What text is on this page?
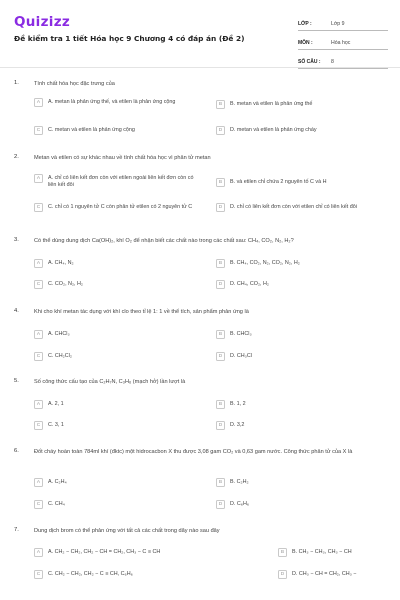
Quizizz
Đề kiểm tra 1 tiết Hóa học 9 Chương 4 có đáp án (Đề 2)
LỚP :	Lớp 9
MÔN :	Hóa học
SỐ CÂU :	8
1.	Tính chất hóa học đặc trưng của
A	A. metan là phản ứng thế, và etilen là phản ứng cộng	B	B. metan và etilen là phản ứng thế
C	C. metan và etilen là phản ứng cộng	D	D. metan và etilen là phản ứng cháy
2.	Metan và etilen có sự khác nhau về tính chất hóa học vì phân tử metan
A	A. chỉ có liên kết đơn còn với etilen ngoài liên kết đơn còn có liên kết đôi	B	B. và etilen chỉ chứa 2 nguyên tố C và H
C	C. chỉ có 1 nguyên tử C còn phân tử etilen có 2 nguyên tử C	D	D. chỉ có liên kết đơn còn với etilen chỉ có liên kết đôi
3.	Có thể dùng dung dịch Ca(OH)₂, khí O₂ để nhận biết các chất nào trong các chất sau: CH₄, CO₂, N₂, H₂?
A	A. CH₄, N₂	B	B. CH₄, CO₂, N₂, CO₂, N₂, H₂
C	C. CO₂, N₂, H₂	D	D. CH₄, CO₂, H₂
4.	Khi cho khí metan tác dụng với khí clo theo tỉ lệ 1: 1 về thể tích, sản phẩm phản ứng là
A	A. CHCl₃	B	B. CHCl₃
C	C. CH₂Cl₂	D	D. CH₃Cl
5.	Số công thức cấu tạo của C₂H₇N, C₃H₆ (mạch hở) lần lượt là
A	A. 2, 1	B	B. 1, 2
C	C. 3, 1	D	D. 3,2
6.	Đốt cháy hoàn toàn 784ml khí (đktc) một hidrocacbon X thu được 3,08 gam CO₂ và 0,63 gam nước. Công thức phân tử của X là
A	A. C₂H₄	B	B. C₂H₂
C	C. CH₄	D	D. C₆H₆
7.	Dung dịch brom có thể phản ứng với tất cả các chất trong dãy nào sau đây
A	A. CH₂ − CH₂, CH₂ − CH = CH₂, CH₃ − C ≡ CH	B	B. CH₃ − CH₃, CH₃ − CH
C	C. CH₂ − CH₂, CH₂ − C ≡ CH, C₆H₆	D	D. CH₃ − CH = CH₂, CH₃ −
